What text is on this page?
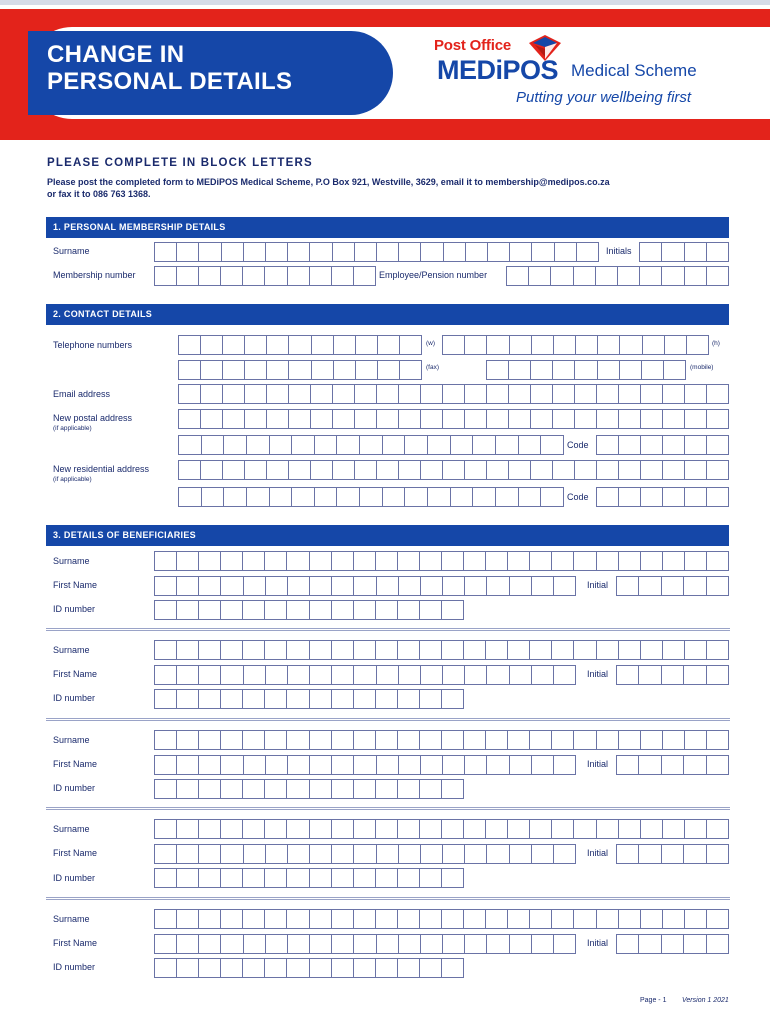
CHANGE IN
PERSONAL DETAILS
Post Office
MEDiPOS Medical Scheme
Putting your wellbeing first
PLEASE COMPLETE IN BLOCK LETTERS
Please post the completed form to MEDiPOS Medical Scheme, P.O Box 921, Westville, 3629, email it to membership@medipos.co.za
or fax it to 086 763 1368.
1. PERSONAL MEMBERSHIP DETAILS
Surname	Initials
Membership number	Employee/Pension number
2. CONTACT DETAILS
Telephone numbers	(w)	(h)
(fax)	(mobile)
Email address
New postal address
(if applicable)
Code
New residential address
(if applicable)
Code
3. DETAILS OF BENEFICIARIES
Surname
First Name	Initial
ID number
Surname
First Name	Initial
ID number
Surname
First Name	Initial
ID number
Surname
First Name	Initial
ID number
Surname
First Name	Initial
ID number
Page - 1 Version 1 2021
